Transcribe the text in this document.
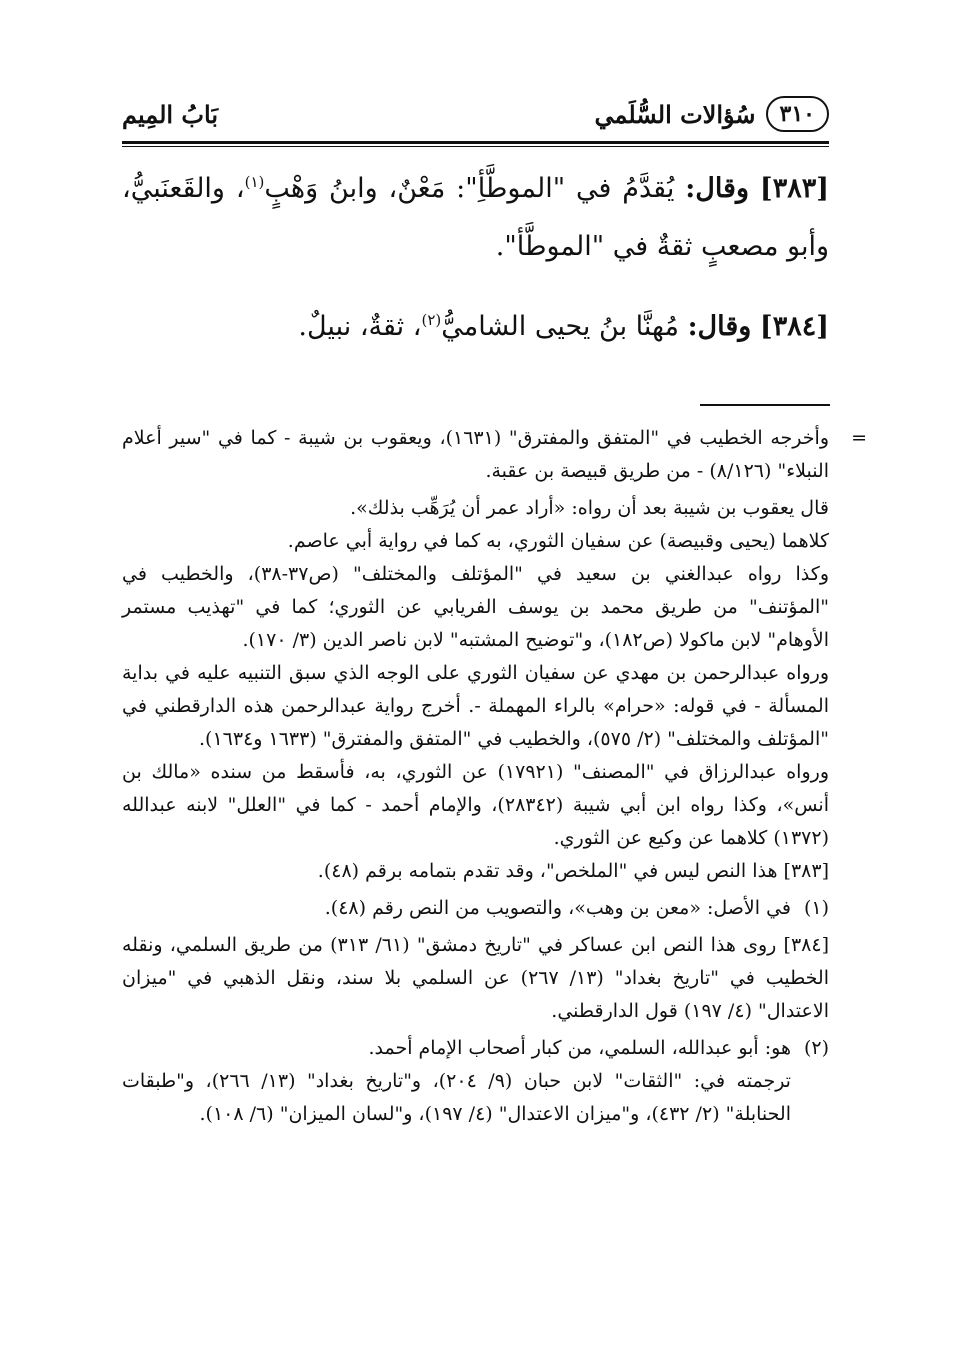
٣١٠
سُؤالات السُّلَمي
بَابُ المِيم

[٣٨٣] وقال: يُقدَّمُ في "الموطَّأِ": مَعْنٌ، وابنُ وَهْبٍ$^{(١)}$، والقَعنَبيُّ، وأبو مصعبٍ ثقةٌ في "الموطَّأ".

[٣٨٤] وقال: مُهنَّا بنُ يحيى الشاميُّ$^{(٢)}$، ثقةٌ، نبيلٌ.

=

وأخرجه الخطيب في "المتفق والمفترق" (١٦٣١)، ويعقوب بن شيبة - كما في "سير أعلام النبلاء" (٨/١٢٦) - من طريق قبيصة بن عقبة.

قال يعقوب بن شيبة بعد أن رواه: «أراد عمر أن يُرَهِّب بذلك».

كلاهما (يحيى وقبيصة) عن سفيان الثوري، به كما في رواية أبي عاصم.

وكذا رواه عبدالغني بن سعيد في "المؤتلف والمختلف" (ص٣٧-٣٨)، والخطيب في "المؤتنف" من طريق محمد بن يوسف الفريابي عن الثوري؛ كما في "تهذيب مستمر الأوهام" لابن ماكولا (ص١٨٢)، و"توضيح المشتبه" لابن ناصر الدين (٣/ ١٧٠).

ورواه عبدالرحمن بن مهدي عن سفيان الثوري على الوجه الذي سبق التنبيه عليه في بداية المسألة - في قوله: «حرام» بالراء المهملة -. أخرج رواية عبدالرحمن هذه الدارقطني في "المؤتلف والمختلف" (٢/ ٥٧٥)، والخطيب في "المتفق والمفترق" (١٦٣٣ و١٦٣٤).

ورواه عبدالرزاق في "المصنف" (١٧٩٢١) عن الثوري، به، فأسقط من سنده «مالك بن أنس»، وكذا رواه ابن أبي شيبة (٢٨٣٤٢)، والإمام أحمد - كما في "العلل" لابنه عبدالله (١٣٧٢) كلاهما عن وكيع عن الثوري.

[٣٨٣] هذا النص ليس في "الملخص"، وقد تقدم بتمامه برقم (٤٨).
(١)
في الأصل: «معن بن وهب»، والتصويب من النص رقم (٤٨).
[٣٨٤] روى هذا النص ابن عساكر في "تاريخ دمشق" (٦١/ ٣١٣) من طريق السلمي، ونقله الخطيب في "تاريخ بغداد" (١٣/ ٢٦٧) عن السلمي بلا سند، ونقل الذهبي في "ميزان الاعتدال" (٤/ ١٩٧) قول الدارقطني.
(٢)
هو: أبو عبدالله، السلمي، من كبار أصحاب الإمام أحمد.

ترجمته في: "الثقات" لابن حبان (٩/ ٢٠٤)، و"تاريخ بغداد" (١٣/ ٢٦٦)، و"طبقات الحنابلة" (٢/ ٤٣٢)، و"ميزان الاعتدال" (٤/ ١٩٧)، و"لسان الميزان" (٦/ ١٠٨).
